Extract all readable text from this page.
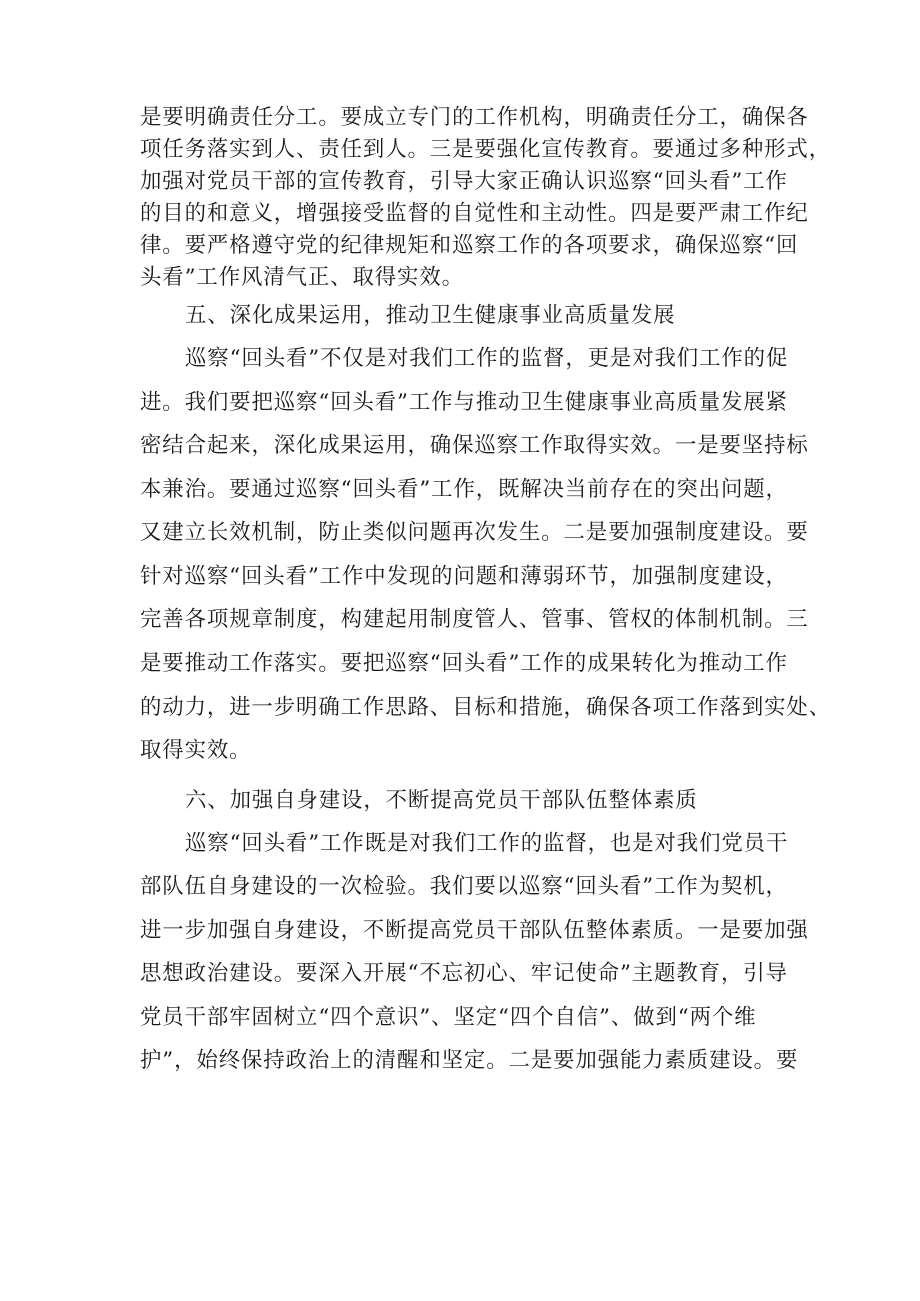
是要明确责任分工。要成立专门的工作机构，明确责任分工，确保各
项任务落实到人、责任到人。三是要强化宣传教育。要通过多种形式，
加强对党员干部的宣传教育，引导大家正确认识巡察“回头看”工作
的目的和意义，增强接受监督的自觉性和主动性。四是要严肃工作纪
律。要严格遵守党的纪律规矩和巡察工作的各项要求，确保巡察“回
头看”工作风清气正、取得实效。
五、深化成果运用，推动卫生健康事业高质量发展
巡察“回头看”不仅是对我们工作的监督，更是对我们工作的促
进。我们要把巡察“回头看”工作与推动卫生健康事业高质量发展紧
密结合起来，深化成果运用，确保巡察工作取得实效。一是要坚持标
本兼治。要通过巡察“回头看”工作，既解决当前存在的突出问题，
又建立长效机制，防止类似问题再次发生。二是要加强制度建设。要
针对巡察“回头看”工作中发现的问题和薄弱环节，加强制度建设，
完善各项规章制度，构建起用制度管人、管事、管权的体制机制。三
是要推动工作落实。要把巡察“回头看”工作的成果转化为推动工作
的动力，进一步明确工作思路、目标和措施，确保各项工作落到实处、
取得实效。
六、加强自身建设，不断提高党员干部队伍整体素质
巡察“回头看”工作既是对我们工作的监督，也是对我们党员干
部队伍自身建设的一次检验。我们要以巡察“回头看”工作为契机，
进一步加强自身建设，不断提高党员干部队伍整体素质。一是要加强
思想政治建设。要深入开展“不忘初心、牢记使命”主题教育，引导
党员干部牢固树立“四个意识”、坚定“四个自信”、做到“两个维
护”，始终保持政治上的清醒和坚定。二是要加强能力素质建设。要
